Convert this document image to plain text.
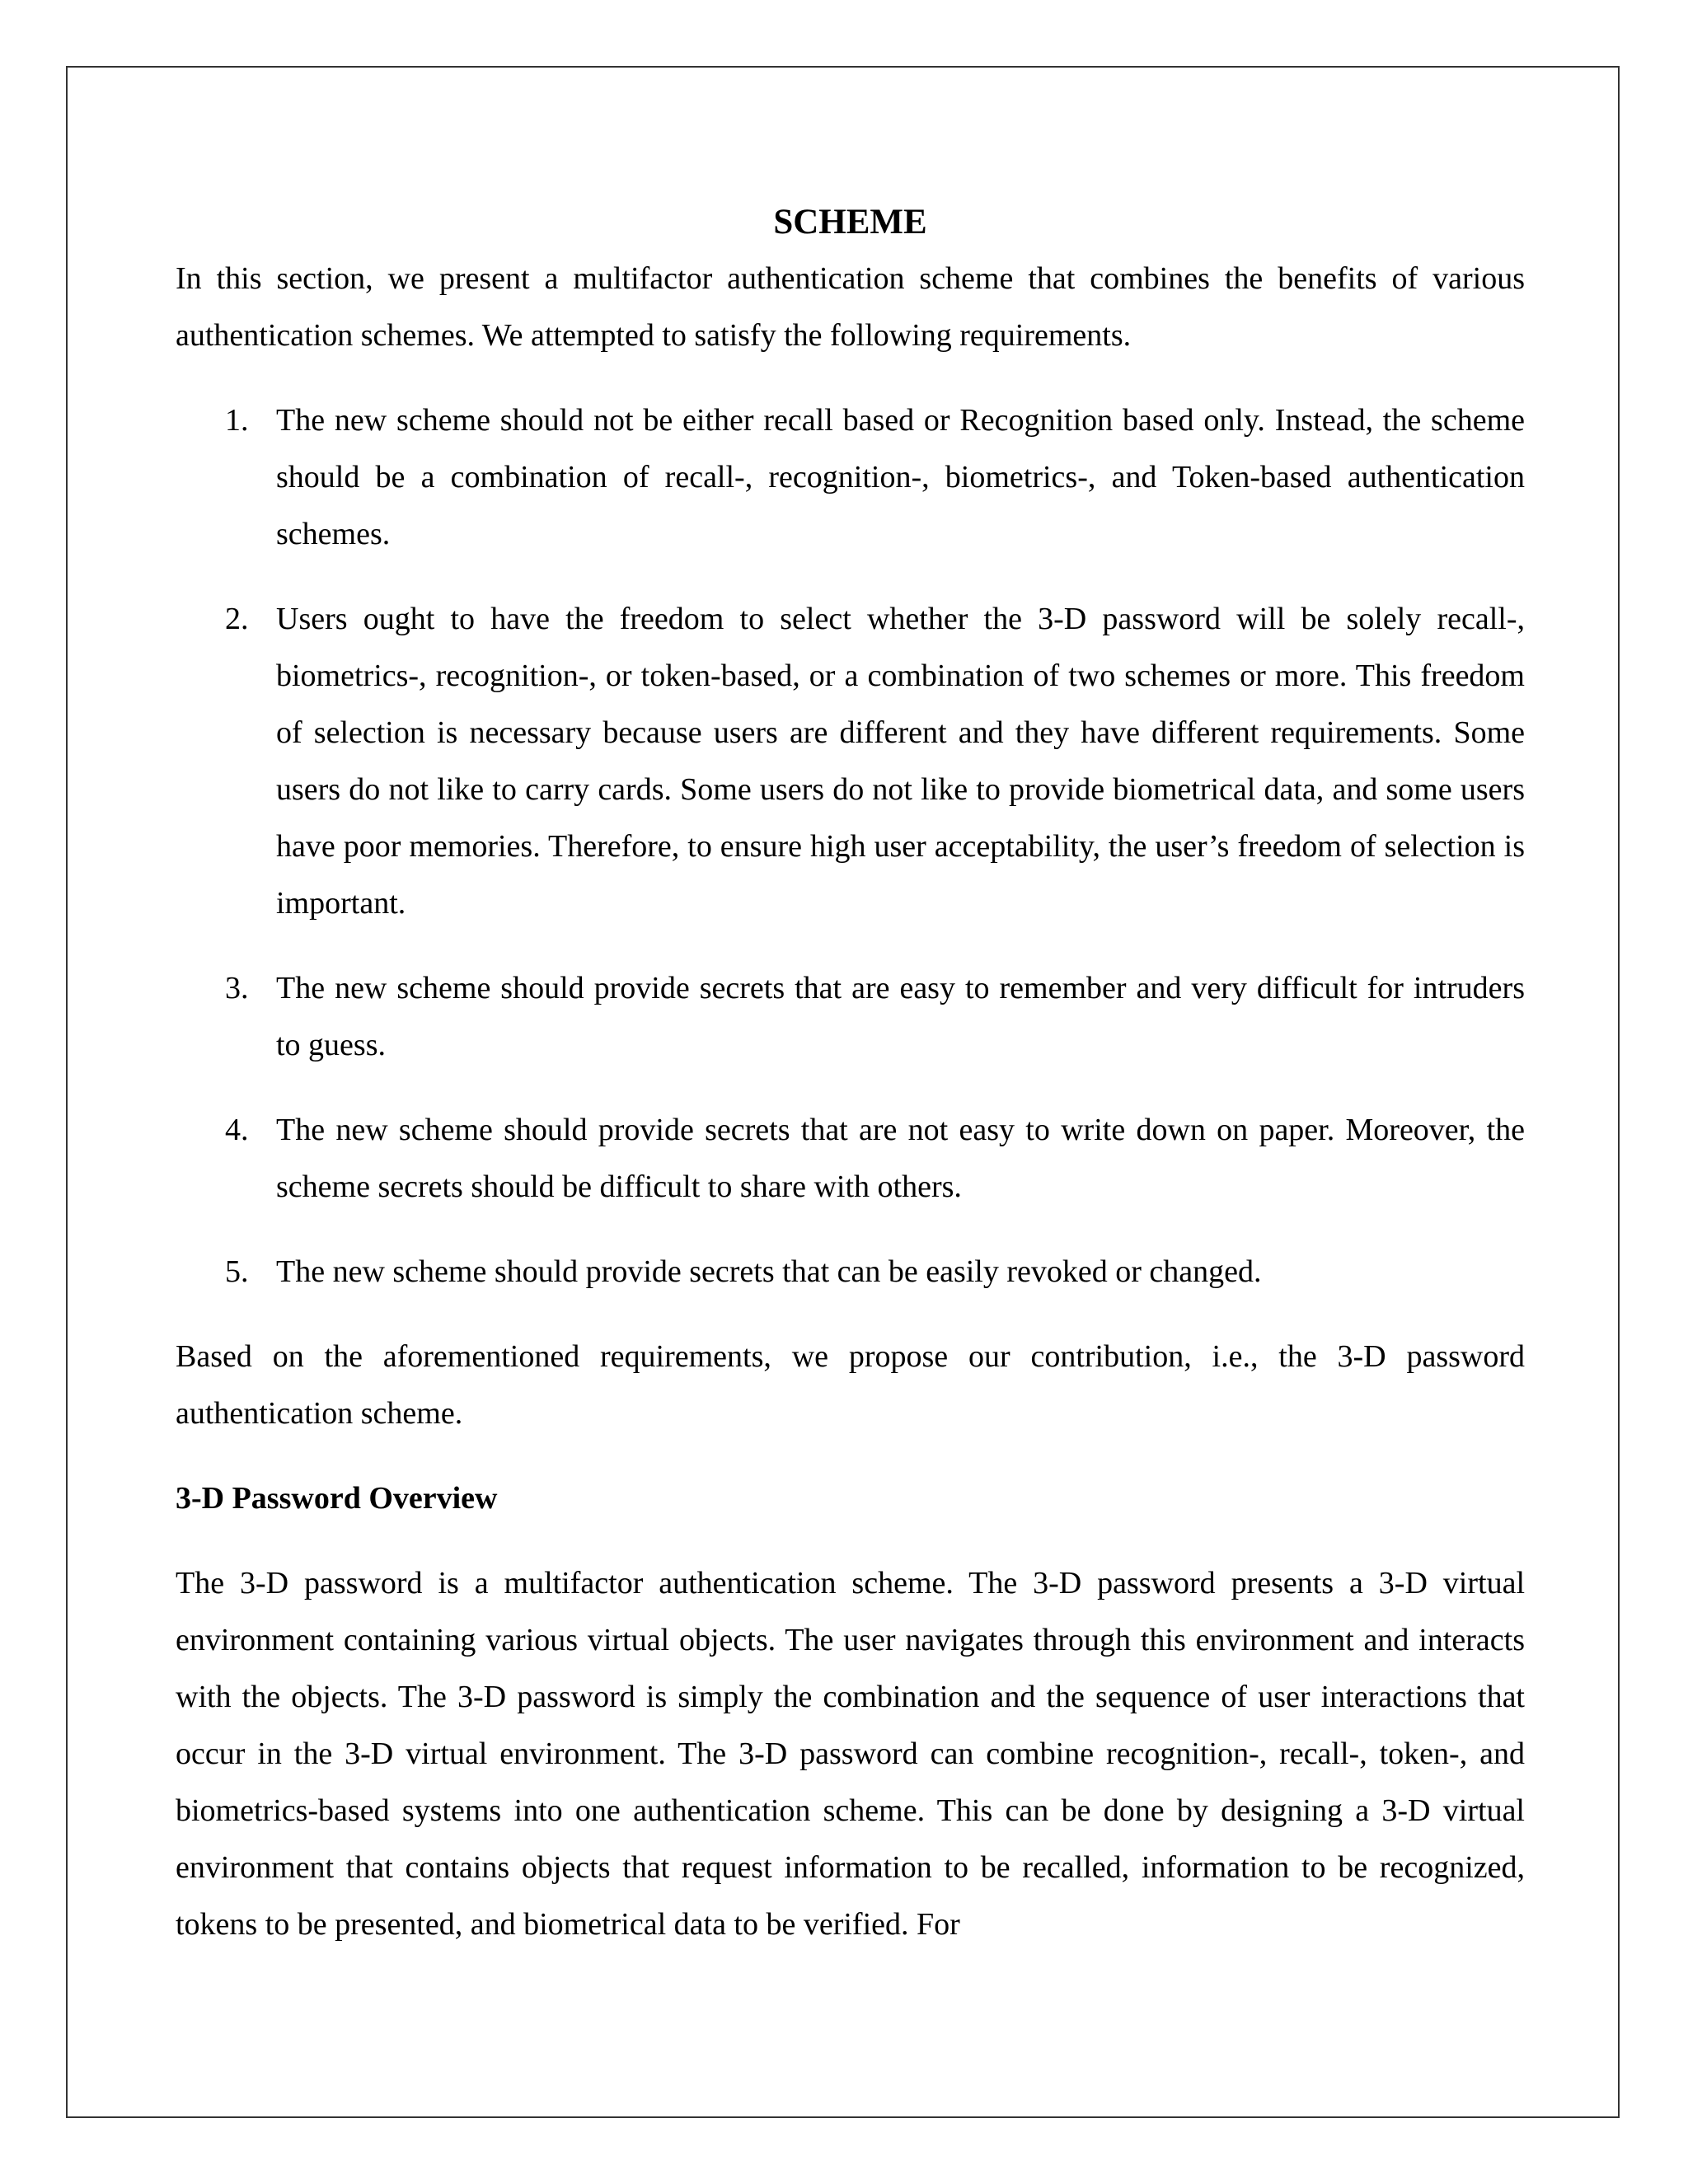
SCHEME

In this section, we present a multifactor authentication scheme that combines the benefits of various authentication schemes. We attempted to satisfy the following requirements.

1. The new scheme should not be either recall based or Recognition based only. Instead, the scheme should be a combination of recall-, recognition-, biometrics-, and Token-based authentication schemes.
2. Users ought to have the freedom to select whether the 3-D password will be solely recall-, biometrics-, recognition-, or token-based, or a combination of two schemes or more. This freedom of selection is necessary because users are different and they have different requirements. Some users do not like to carry cards. Some users do not like to provide biometrical data, and some users have poor memories. Therefore, to ensure high user acceptability, the user’s freedom of selection is important.
3. The new scheme should provide secrets that are easy to remember and very difficult for intruders to guess.
4. The new scheme should provide secrets that are not easy to write down on paper. Moreover, the scheme secrets should be difficult to share with others.
5. The new scheme should provide secrets that can be easily revoked or changed.

Based on the aforementioned requirements, we propose our contribution, i.e., the 3-D password authentication scheme.

3-D Password Overview

The 3-D password is a multifactor authentication scheme. The 3-D password presents a 3-D virtual environment containing various virtual objects. The user navigates through this environment and interacts with the objects. The 3-D password is simply the combination and the sequence of user interactions that occur in the 3-D virtual environment. The 3-D password can combine recognition-, recall-, token-, and biometrics-based systems into one authentication scheme. This can be done by designing a 3-D virtual environment that contains objects that request information to be recalled, information to be recognized, tokens to be presented, and biometrical data to be verified. For
